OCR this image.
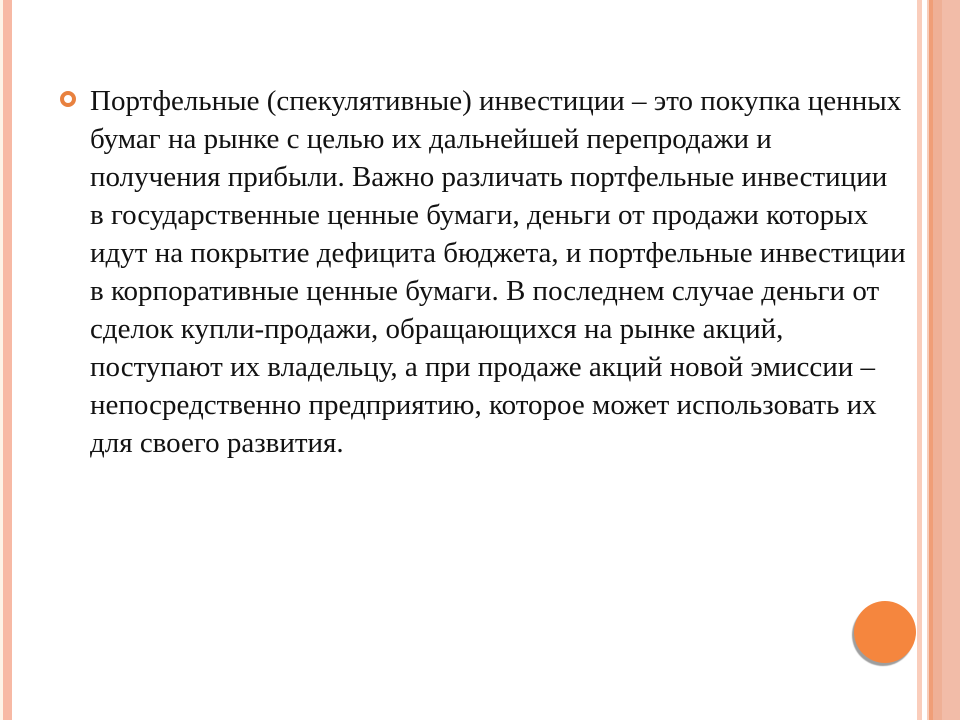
Портфельные (спекулятивные) инвестиции – это покупка ценных бумаг на рынке с целью их дальнейшей перепродажи и получения прибыли. Важно различать портфельные инвестиции в государственные ценные бумаги, деньги от продажи которых идут на покрытие дефицита бюджета, и портфельные инвестиции в корпоративные ценные бумаги. В последнем случае деньги от сделок купли-продажи, обращающихся на рынке акций, поступают их владельцу, а при продаже акций новой эмиссии – непосредственно предприятию, которое может использовать их для своего развития.
